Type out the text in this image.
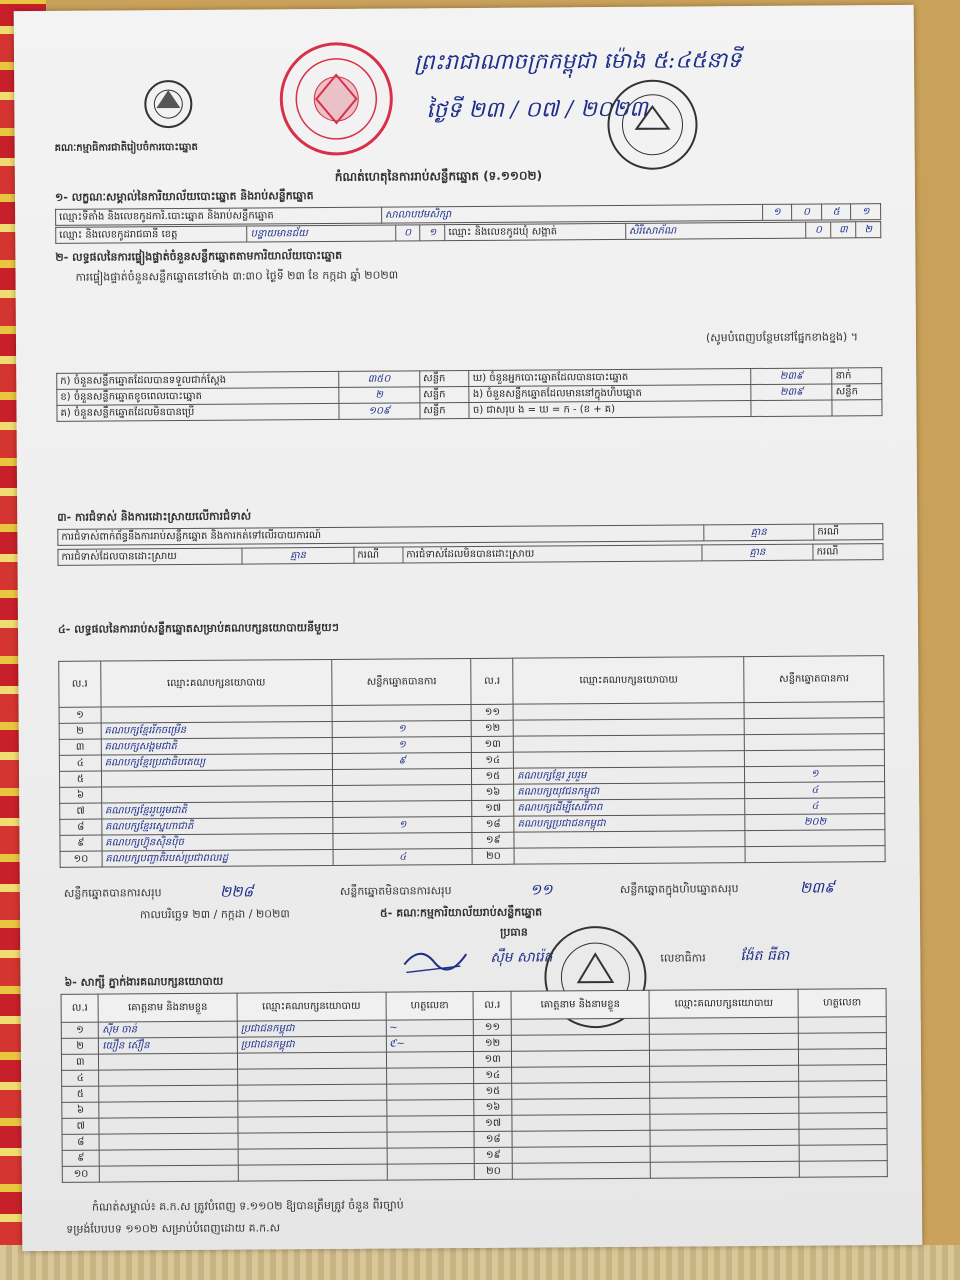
គណៈកម្មាធិការជាតិរៀបចំការបោះឆ្នោត
ព្រះរាជាណាចក្រកម្ពុជា ម៉ោង ៥:៤៥នាទី
ថ្ងៃទី ២៣ / ០៧ / ២០២៣
កំណត់ហេតុនៃការរាប់សន្លឹកឆ្នោត (ទ.១១០២)
១- លក្ខណៈសម្គាល់នៃការិយាល័យបោះឆ្នោត និងរាប់សន្លឹកឆ្នោត
ឈ្មោះទីតាំង និងលេខកូដការិ.បោះឆ្នោត និងរាប់សន្លឹកឆ្នោត	សាលាបឋមសិក្សា	១	០	៥	១
ឈ្មោះ និងលេខកូដរាជធានី ខេត្ត	បន្ទាយមានជ័យ	០	១	ឈ្មោះ និងលេខកូដឃុំ សង្កាត់	សិរីសោភ័ណ	០	៣	២
២- លទ្ធផលនៃការផ្ទៀងផ្ទាត់ចំនួនសន្លឹកឆ្នោតតាមការិយាល័យបោះឆ្នោត
ការផ្ទៀងផ្ទាត់ចំនួនសន្លឹកឆ្នោតនៅម៉ោង ៣:៣០ ថ្ងៃទី ២៣ ខែ កក្កដា ឆ្នាំ ២០២៣
(សូមបំពេញបន្ថែមនៅផ្នែកខាងខ្នង) ។
ក) ចំនួនសន្លឹកឆ្នោតដែលបានទទួលជាក់ស្តែង	៣៥០	សន្លឹក	ឃ) ចំនួនអ្នកបោះឆ្នោតដែលបានបោះឆ្នោត	២៣៩	នាក់
ខ) ចំនួនសន្លឹកឆ្នោតខូចពេលបោះឆ្នោត	២	សន្លឹក	ង) ចំនួនសន្លឹកឆ្នោតដែលមាននៅក្នុងហិបឆ្នោត	២៣៩	សន្លឹក
គ) ចំនួនសន្លឹកឆ្នោតដែលមិនបានប្រើ	១០៩	សន្លឹក	ច) ជាសរុប ង = ឃ = ក - (ខ + គ)		
៣- ការជំទាស់ និងការដោះស្រាយលើការជំទាស់
ការជំទាស់ពាក់ព័ន្ធនឹងការរាប់សន្លឹកឆ្នោត និងការកត់ទៅលើរបាយការណ៍	គ្មាន	ករណី
ការជំទាស់ដែលបានដោះស្រាយ	គ្មាន	ករណី	ការជំទាស់ដែលមិនបានដោះស្រាយ	គ្មាន	ករណី
៤- លទ្ធផលនៃការរាប់សន្លឹកឆ្នោតសម្រាប់គណបក្សនយោបាយនីមួយៗ
ល.រ	ឈ្មោះគណបក្សនយោបាយ	សន្លឹកឆ្នោតបានការ	ល.រ	ឈ្មោះគណបក្សនយោបាយ	សន្លឹកឆ្នោតបានការ
១			១១		
២	គណបក្សខ្មែររីកចម្រើន	១	១២		
៣	គណបក្សសង្គមជាតិ	១	១៣		
៤	គណបក្សខ្មែរប្រជាធិបតេយ្យ	៩	១៤		
៥			១៥	គណបក្សខ្មែរ រួបរួម	១
៦			១៦	គណបក្សយុវជនកម្ពុជា	៤
៧	គណបក្សខ្មែររួបរួមជាតិ		១៧	គណបក្សដើម្បីសេរីភាព	៤
៨	គណបក្សខ្មែរស្នេហាជាតិ	១	១៨	គណបក្សប្រជាជនកម្ពុជា	២០២
៩	គណបក្សហ៊្វុនស៊ិនប៉ិច		១៩		
១០	គណបក្សបញ្ជាតិរបស់ប្រជាពលរដ្ឋ	៤	២០		
សន្លឹកឆ្នោតបានការសរុប	២២៨	សន្លឹកឆ្នោតមិនបានការសរុប	១១	សន្លឹកឆ្នោតក្នុងហិបឆ្នោតសរុប	២៣៩
កាលបរិច្ឆេទ ២៣ / កក្កដា / ២០២៣	៥- គណៈកម្មការិយាល័យរាប់សន្លឹកឆ្នោត
ប្រធាន
ស៊ឹម សារ៉េត	លេខាធិការ ង៉ែត ធីតា
៦- សាក្សី ភ្នាក់ងារគណបក្សនយោបាយ
ល.រ	គោត្តនាម និងនាមខ្លួន	ឈ្មោះគណបក្សនយោបាយ	ហត្ថលេខា	ល.រ	គោត្តនាម និងនាមខ្លួន	ឈ្មោះគណបក្សនយោបាយ	ហត្ថលេខា
១	ស៊ីម ចាន់	ប្រជាជនកម្ពុជា	~	១១			
២	យឿន ស៊ឿន	ប្រជាជនកម្ពុជា	ℭ~	១២			
៣				១៣			
៤				១៤			
៥				១៥			
៦				១៦			
៧				១៧			
៨				១៨			
៩				១៩			
១០				២០			
កំណត់សម្គាល់៖ គ.ក.ស ត្រូវបំពេញ ទ.១១០២ ឱ្យបានត្រឹមត្រូវ ចំនួន ពីរច្បាប់
ទម្រង់បែបបទ ១១០២ សម្រាប់បំពេញដោយ គ.ក.ស
